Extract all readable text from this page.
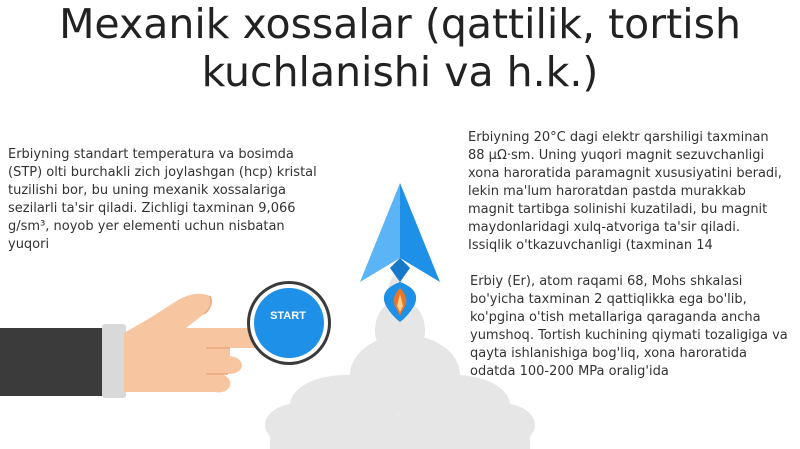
START
Mexanik xossalar (qattilik, tortish kuchlanishi va h.k.)
Erbiyning standart temperatura va bosimda (STP) olti burchakli zich joylashgan (hcp) kristal tuzilishi bor, bu uning mexanik xossalariga sezilarli ta'sir qiladi. Zichligi taxminan 9,066 g/sm³, noyob yer elementi uchun nisbatan yuqori
Erbiyning 20°C dagi elektr qarshiligi taxminan 88 µΩ·sm. Uning yuqori magnit sezuvchanligi xona haroratida paramagnit xususiyatini beradi, lekin ma'lum haroratdan pastda murakkab magnit tartibga solinishi kuzatiladi, bu magnit maydonlaridagi xulq-atvoriga ta'sir qiladi. Issiqlik o'tkazuvchanligi (taxminan 14
Erbiy (Er), atom raqami 68, Mohs shkalasi bo'yicha taxminan 2 qattiqlikka ega bo'lib, ko'pgina o'tish metallariga qaraganda ancha yumshoq. Tortish kuchining qiymati tozaligiga va qayta ishlanishiga bog'liq, xona haroratida odatda 100-200 MPa oralig'ida
